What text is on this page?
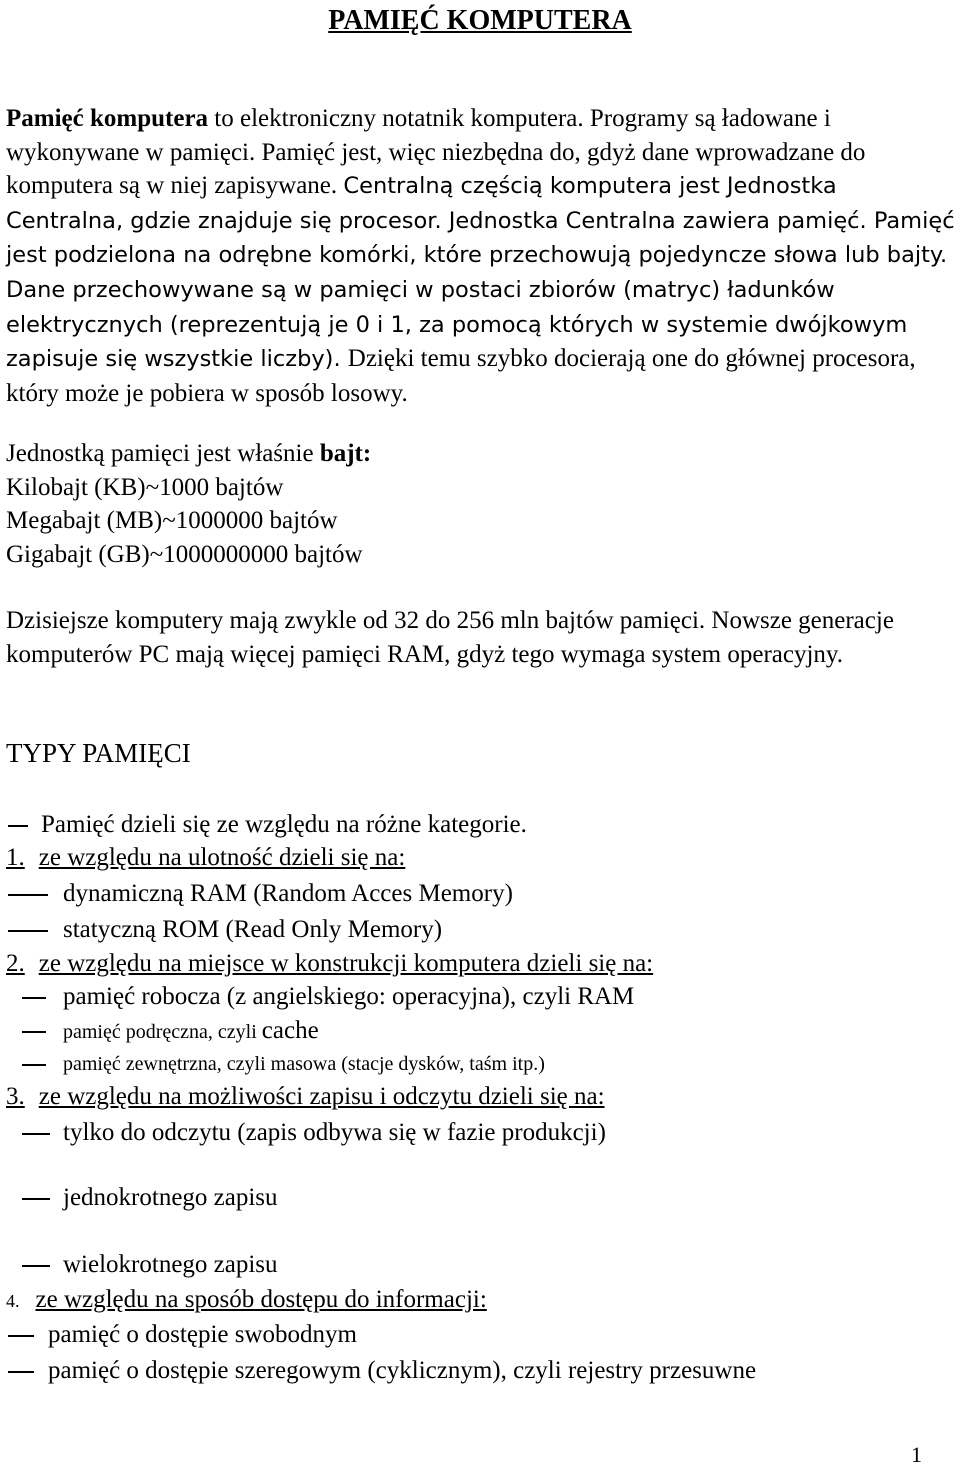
PAMIĘĆ KOMPUTERA
Pamięć komputera to elektroniczny notatnik komputera. Programy są ładowane i wykonywane w pamięci. Pamięć jest, więc niezbędna do, gdyż dane wprowadzane do komputera są w niej zapisywane. Centralną częścią komputera jest Jednostka Centralna, gdzie znajduje się procesor. Jednostka Centralna zawiera pamięć. Pamięć jest podzielona na odrębne komórki, które przechowują pojedyncze słowa lub bajty. Dane przechowywane są w pamięci w postaci zbiorów (matryc) ładunków elektrycznych (reprezentują je 0 i 1, za pomocą których w systemie dwójkowym zapisuje się wszystkie liczby). Dzięki temu szybko docierają one do głównej procesora, który może je pobiera w sposób losowy.
Jednostką pamięci jest właśnie bajt:
Kilobajt (KB)~1000 bajtów
Megabajt (MB)~1000000 bajtów
Gigabajt (GB)~1000000000 bajtów
Dzisiejsze komputery mają zwykle od 32 do 256 mln bajtów pamięci. Nowsze generacje komputerów PC mają więcej pamięci RAM, gdyż tego wymaga system operacyjny.
TYPY PAMIĘCI
Pamięć dzieli się ze względu na różne kategorie.
1. ze względu na ulotność dzieli się na:
dynamiczną RAM (Random Acces Memory)
statyczną ROM (Read Only Memory)
2. ze względu na miejsce w konstrukcji komputera dzieli się na:
pamięć robocza (z angielskiego: operacyjna), czyli RAM
pamięć podręczna, czyli cache
pamięć zewnętrzna, czyli masowa (stacje dysków, taśm itp.)
3. ze względu na możliwości zapisu i odczytu dzieli się na:
tylko do odczytu (zapis odbywa się w fazie produkcji)
jednokrotnego zapisu
wielokrotnego zapisu
4. ze względu na sposób dostępu do informacji:
pamięć o dostępie swobodnym
pamięć o dostępie szeregowym (cyklicznym), czyli rejestry przesuwne
1
